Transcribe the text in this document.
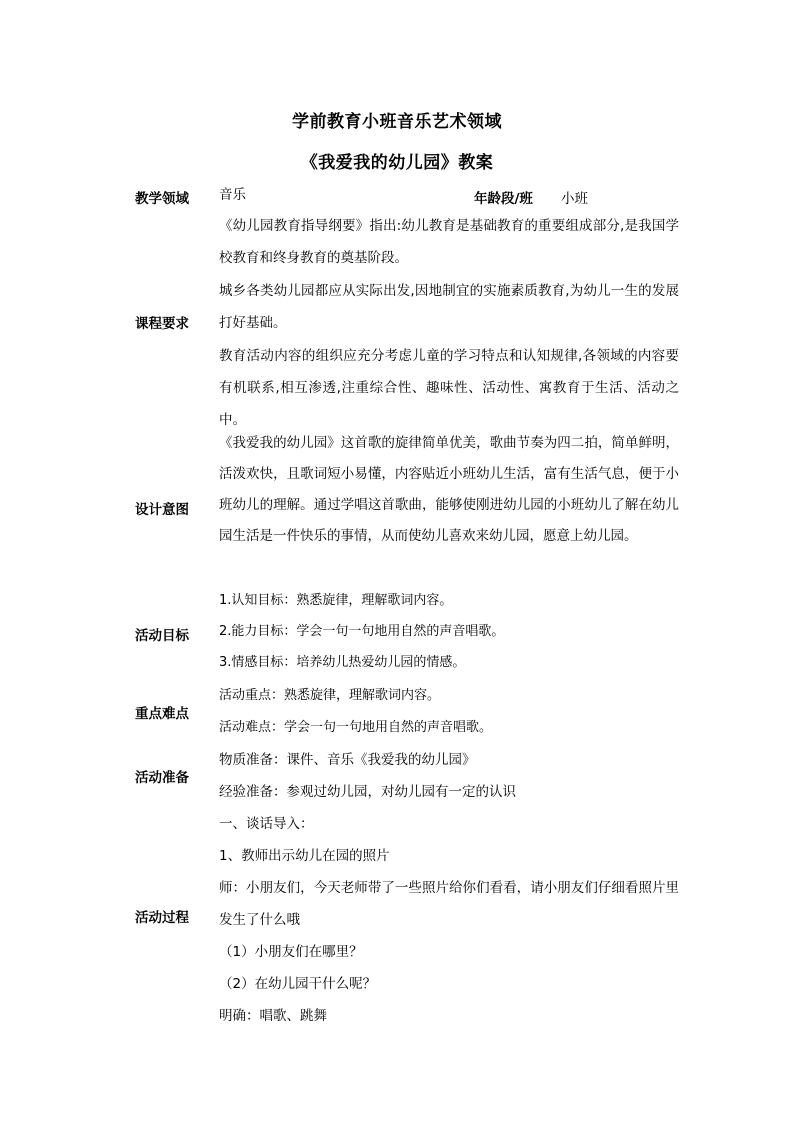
学前教育小班音乐艺术领域
《我爱我的幼儿园》教案
教学领域	音乐	年龄段/班 小班
课程要求

《幼儿园教育指导纲要》指出:幼儿教育是基础教育的重要组成部分,是我国学校教育和终身教育的奠基阶段。

城乡各类幼儿园都应从实际出发,因地制宜的实施素质教育,为幼儿一生的发展打好基础。

教育活动内容的组织应充分考虑儿童的学习特点和认知规律,各领域的内容要有机联系,相互渗透,注重综合性、趣味性、活动性、寓教育于生活、活动之中。

设计意图
《我爱我的幼儿园》这首歌的旋律简单优美，歌曲节奏为四二拍，简单鲜明，活泼欢快，且歌词短小易懂，内容贴近小班幼儿生活，富有生活气息，便于小班幼儿的理解。通过学唱这首歌曲，能够使刚进幼儿园的小班幼儿了解在幼儿园生活是一件快乐的事情，从而使幼儿喜欢来幼儿园，愿意上幼儿园。
活动目标

1.认知目标：熟悉旋律，理解歌词内容。

2.能力目标：学会一句一句地用自然的声音唱歌。

3.情感目标：培养幼儿热爱幼儿园的情感。

重点难点

活动重点：熟悉旋律，理解歌词内容。

活动难点：学会一句一句地用自然的声音唱歌。

活动准备

物质准备：课件、音乐《我爱我的幼儿园》

经验准备：参观过幼儿园，对幼儿园有一定的认识

活动过程

一、谈话导入：

1、教师出示幼儿在园的照片

师：小朋友们，今天老师带了一些照片给你们看看，请小朋友们仔细看照片里发生了什么哦

（1）小朋友们在哪里？

（2）在幼儿园干什么呢？

明确：唱歌、跳舞
